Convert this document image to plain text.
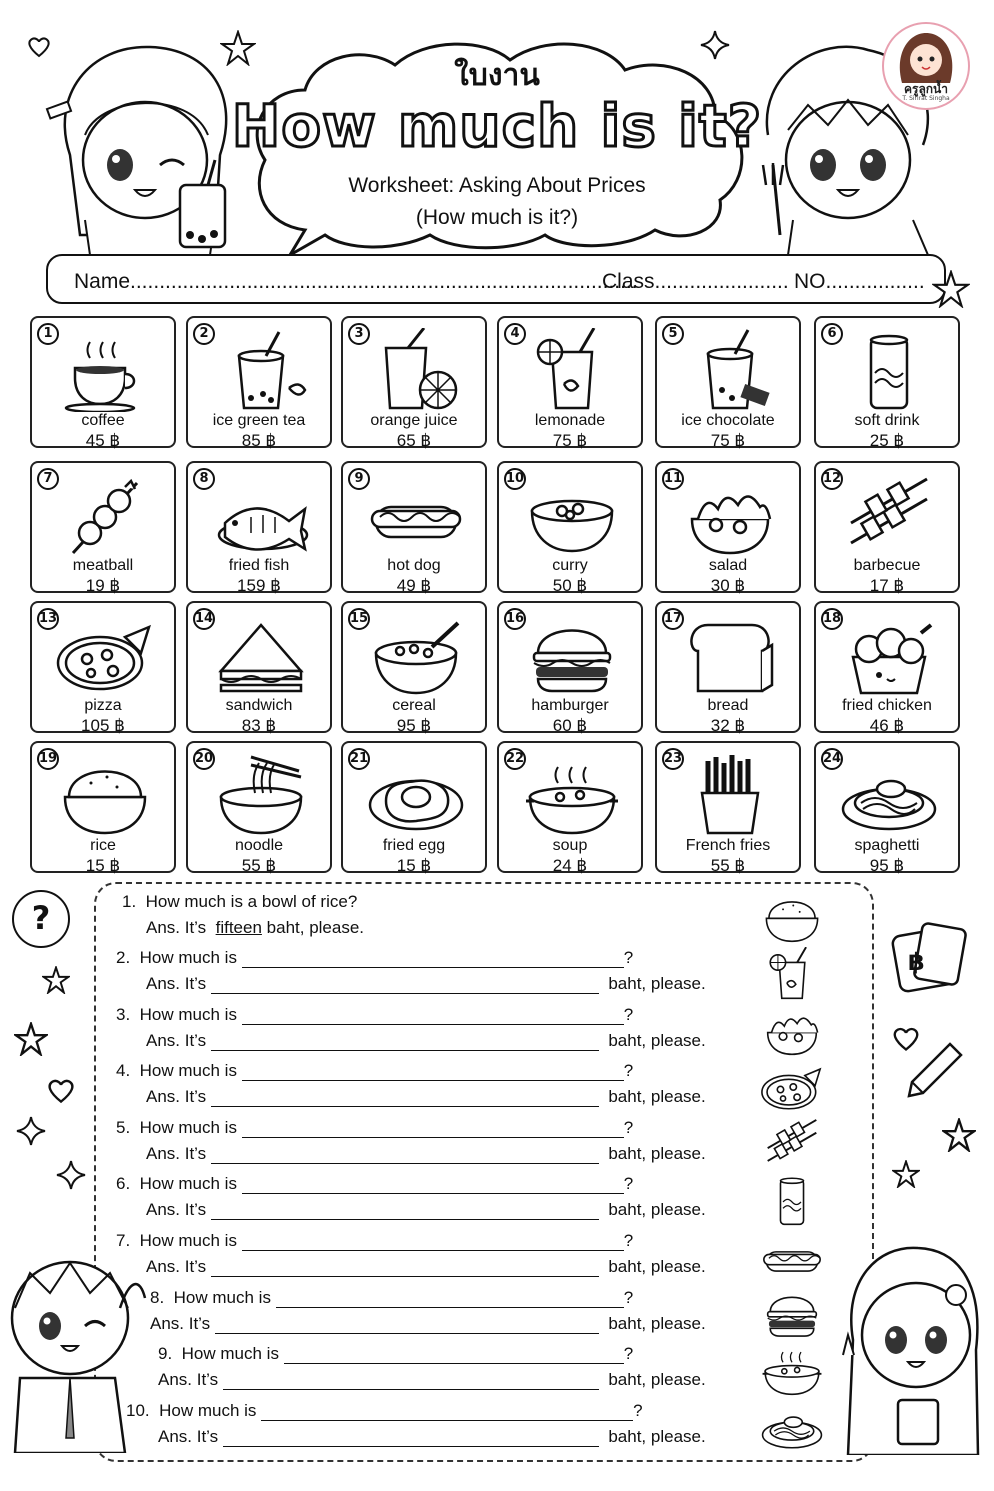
ใบงาน
How much is it?
Worksheet: Asking About Prices
(How much is it?)
ครูลูกน้ำ
T. Sirirat Singha
Name.......................................................................................
Class....................... NO.................
1
coffee
45 ฿
2
ice green tea
85 ฿
3
orange juice
65 ฿
4
lemonade
75 ฿
5
ice chocolate
75 ฿
6
soft drink
25 ฿
7
meatball
19 ฿
8
fried fish
159 ฿
9
hot dog
49 ฿
10
curry
50 ฿
11
salad
30 ฿
12
barbecue
17 ฿
13
pizza
105 ฿
14
sandwich
83 ฿
15
cereal
95 ฿
16
hamburger
60 ฿
17
bread
32 ฿
18
fried chicken
46 ฿
19
rice
15 ฿
20
noodle
55 ฿
21
fried egg
15 ฿
22
soup
24 ฿
23
French fries
55 ฿
24
spaghetti
95 ฿
1. How much is a bowl of rice?
Ans. It’s fifteen baht, please.
2. How much is	?
Ans. It’s	baht, please.
3. How much is	?
Ans. It’s	baht, please.
4. How much is	?
Ans. It’s	baht, please.
5. How much is	?
Ans. It’s	baht, please.
6. How much is	?
Ans. It’s	baht, please.
7. How much is	?
Ans. It’s	baht, please.
8. How much is	?
Ans. It’s	baht, please.
9. How much is	?
Ans. It’s	baht, please.
10. How much is	?
Ans. It’s	baht, please.
?
฿
